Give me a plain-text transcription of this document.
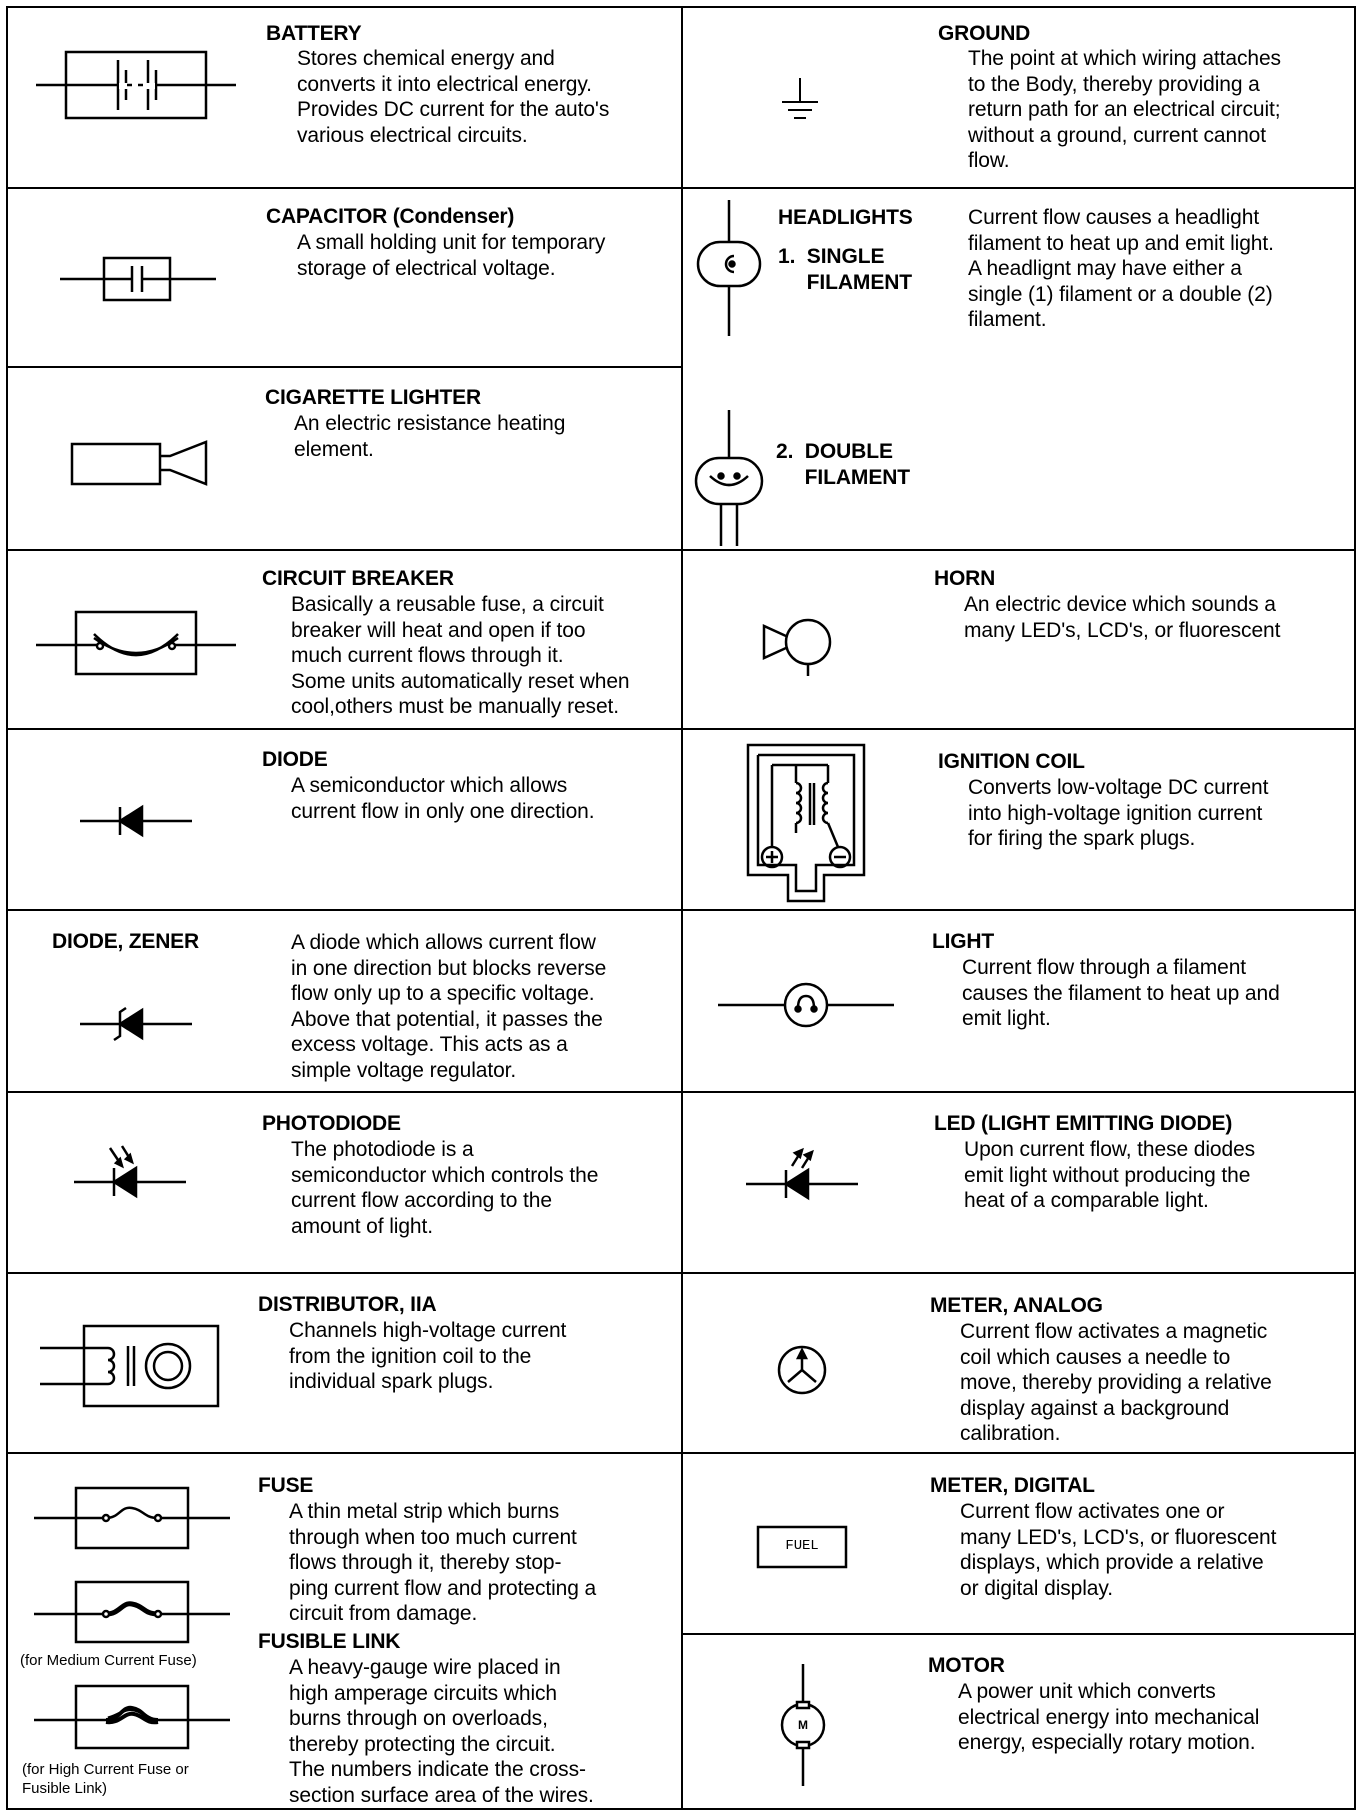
BATTERY
Stores chemical energy and
converts it into electrical energy.
Provides DC current for the auto's
various electrical circuits.
GROUND
The point at which wiring attaches
to the Body, thereby providing a
return path for an electrical circuit;
without a ground, current cannot
flow.
CAPACITOR (Condenser)
A small holding unit for temporary
storage of electrical voltage.
HEADLIGHTS
1.  SINGLE
FILAMENT
2.  DOUBLE
FILAMENT
Current flow causes a headlight
filament to heat up and emit light.
A headlignt may have either a
single (1) filament or a double (2)
filament.
CIGARETTE LIGHTER
An electric resistance heating
element.
CIRCUIT BREAKER
Basically a reusable fuse, a circuit
breaker will heat and open if too
much current flows through it.
Some units automatically reset when
cool,others must be manually reset.
HORN
An electric device which sounds a
many LED's, LCD's, or fluorescent
DIODE
A semiconductor which allows
current flow in only one direction.
IGNITION COIL
Converts low-voltage DC current
into high-voltage ignition current
for firing the spark plugs.
DIODE, ZENER	A diode which allows current flow
in one direction but blocks reverse
flow only up to a specific voltage.
Above that potential, it passes the
excess voltage. This acts as a
simple voltage regulator.
LIGHT
Current flow through a filament
causes the filament to heat up and
emit light.
PHOTODIODE
The photodiode is a
semiconductor which controls the
current flow according to the
amount of light.
LED (LIGHT EMITTING DIODE)
Upon current flow, these diodes
emit light without producing the
heat of a comparable light.
DISTRIBUTOR, IIA
Channels high-voltage current
from the ignition coil to the
individual spark plugs.
METER, ANALOG
Current flow activates a magnetic
coil which causes a needle to
move, thereby providing a relative
display against a background
calibration.
(for Medium Current Fuse)
(for High Current Fuse or
Fusible Link)
FUSE
A thin metal strip which burns
through when too much current
flows through it, thereby stop-
ping current flow and protecting a
circuit from damage.
FUSIBLE LINK
A heavy-gauge wire placed in
high amperage circuits which
burns through on overloads,
thereby protecting the circuit.
The numbers indicate the cross-
section surface area of the wires.
FUEL
METER, DIGITAL
Current flow activates one or
many LED's, LCD's, or fluorescent
displays, which provide a relative
or digital display.
M
MOTOR
A power unit which converts
electrical energy into mechanical
energy, especially rotary motion.
